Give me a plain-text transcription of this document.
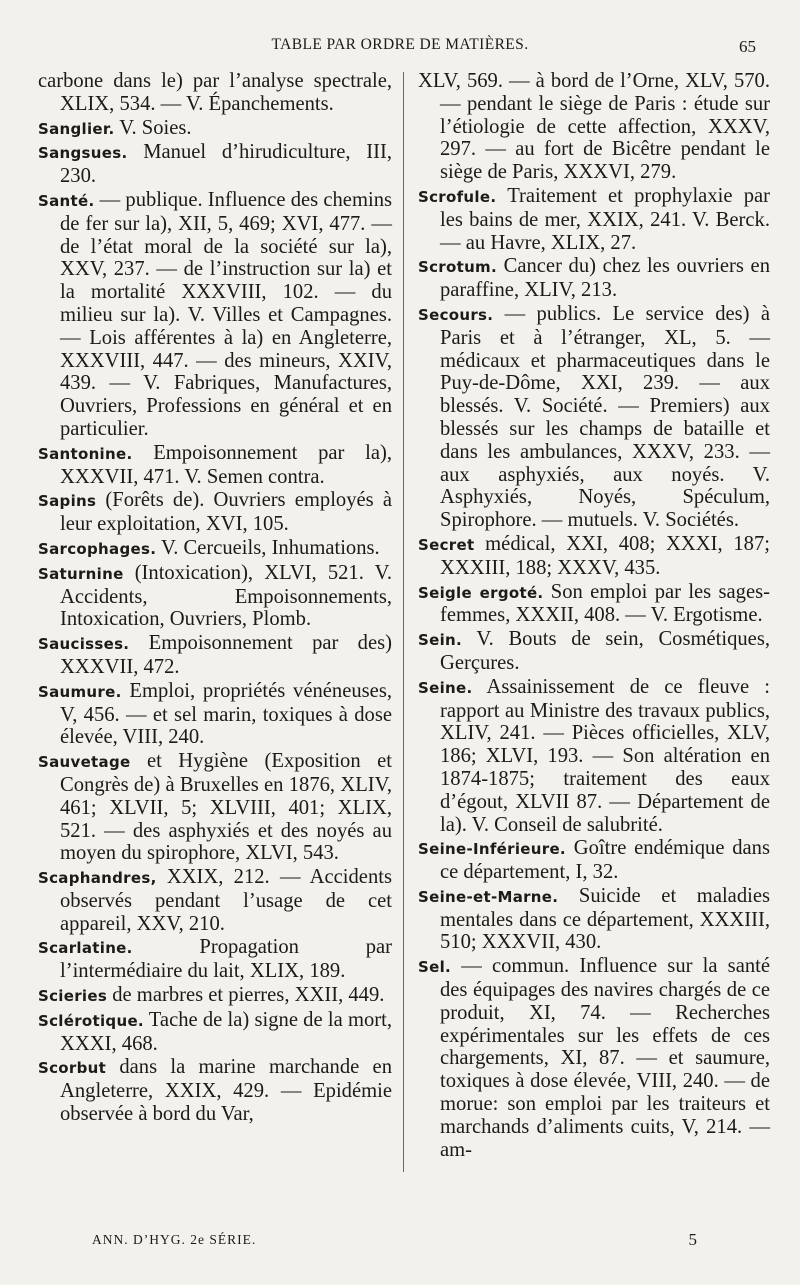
TABLE PAR ORDRE DE MATIÈRES.	65
carbone dans le) par l’analyse spectrale, XLIX, 534. — V. Épanchements.
Sanglier. V. Soies.
Sangsues. Manuel d’hirudiculture, III, 230.
Santé. — publique. Influence des chemins de fer sur la), XII, 5, 469; XVI, 477. — de l’état moral de la société sur la), XXV, 237. — de l’instruction sur la) et la mortalité XXXVIII, 102. — du milieu sur la). V. Villes et Campagnes. — Lois afférentes à la) en Angleterre, XXXVIII, 447. — des mineurs, XXIV, 439. — V. Fabriques, Manufactures, Ouvriers, Professions en général et en particulier.
Santonine. Empoisonnement par la), XXXVII, 471. V. Semen contra.
Sapins (Forêts de). Ouvriers employés à leur exploitation, XVI, 105.
Sarcophages. V. Cercueils, Inhumations.
Saturnine (Intoxication), XLVI, 521. V. Accidents, Empoisonnements, Intoxication, Ouvriers, Plomb.
Saucisses. Empoisonnement par des) XXXVII, 472.
Saumure. Emploi, propriétés vénéneuses, V, 456. — et sel marin, toxiques à dose élevée, VIII, 240.
Sauvetage et Hygiène (Exposition et Congrès de) à Bruxelles en 1876, XLIV, 461; XLVII, 5; XLVIII, 401; XLIX, 521. — des asphyxiés et des noyés au moyen du spirophore, XLVI, 543.
Scaphandres, XXIX, 212. — Accidents observés pendant l’usage de cet appareil, XXV, 210.
Scarlatine.	Propagation par l’intermédiaire du lait, XLIX, 189.
Scieries de marbres et pierres, XXII, 449.
Sclérotique. Tache de la) signe de la mort, XXXI, 468.
Scorbut dans la marine marchande en Angleterre, XXIX, 429. — Epidémie observée à bord du Var,
XLV, 569. — à bord de l’Orne, XLV, 570. — pendant le siège de Paris : étude sur l’étiologie de cette affection, XXXV, 297. — au fort de Bicêtre pendant le siège de Paris, XXXVI, 279.
Scrofule. Traitement et prophylaxie par les bains de mer, XXIX, 241. V. Berck. — au Havre, XLIX, 27.
Scrotum. Cancer du) chez les ouvriers en paraffine, XLIV, 213.
Secours. — publics. Le service des) à Paris et à l’étranger, XL, 5. — médicaux et pharmaceutiques dans le Puy-de-Dôme, XXI, 239. — aux blessés. V. Société. — Premiers) aux blessés sur les champs de bataille et dans les ambulances, XXXV, 233. — aux asphyxiés, aux noyés. V. Asphyxiés, Noyés, Spéculum, Spirophore. — mutuels. V. Sociétés.
Secret médical, XXI, 408; XXXI, 187; XXXIII, 188; XXXV, 435.
Seigle ergoté. Son emploi par les sages-femmes, XXXII, 408. — V. Ergotisme.
Sein. V. Bouts de sein, Cosmétiques, Gerçures.
Seine. Assainissement de ce fleuve : rapport au Ministre des travaux publics, XLIV, 241. — Pièces officielles, XLV, 186; XLVI, 193. — Son altération en 1874-1875; traitement des eaux d’égout, XLVII 87. — Département de la). V. Conseil de salubrité.
Seine-Inférieure. Goître endémique dans ce département, I, 32.
Seine-et-Marne. Suicide et maladies mentales dans ce département, XXXIII, 510; XXXVII, 430.
Sel. — commun. Influence sur la santé des équipages des navires chargés de ce produit, XI, 74. — Recherches expérimentales sur les effets de ces chargements, XI, 87. — et saumure, toxiques à dose élevée, VIII, 240. — de morue: son emploi par les traiteurs et marchands d’aliments cuits, V, 214. — am-
ANN. D’HYG. 2e SÉRIE.	5
